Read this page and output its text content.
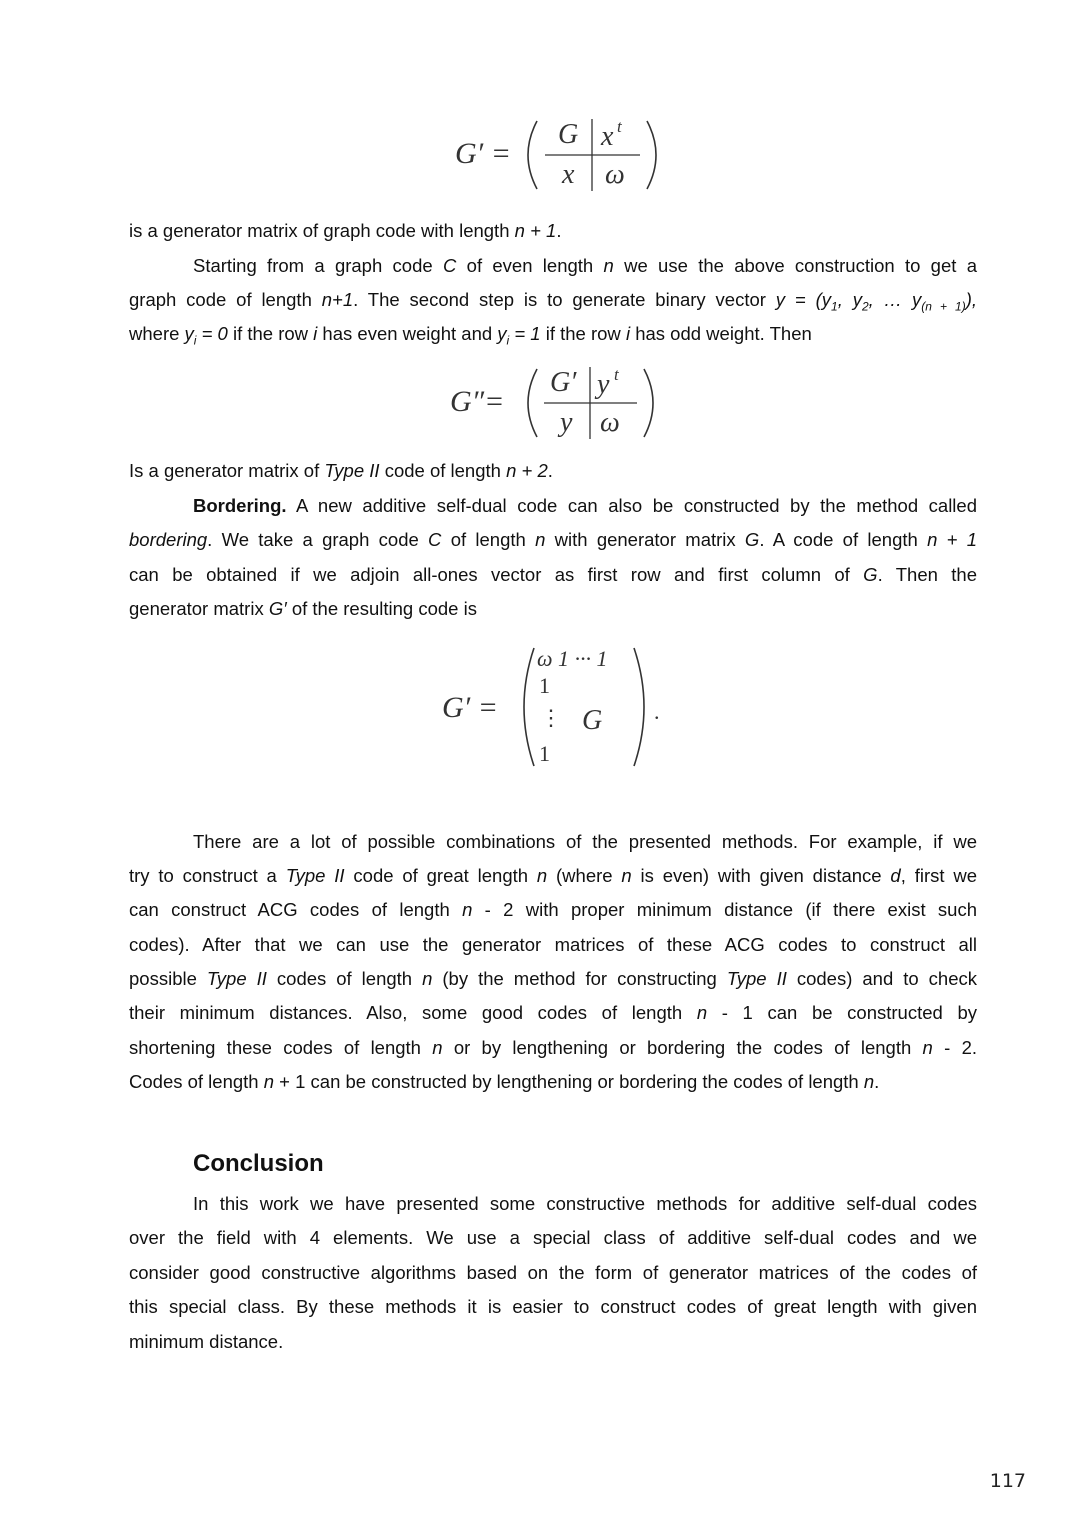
G′ =
G x t
x ω
is a generator matrix of graph code with length n + 1.
Starting from a graph code C of even length n we use the above construction to get a
graph code of length n+1. The second step is to generate binary vector $y = (y_1$, $y_2$, … $y_{(n + 1)}$),
where $y_i = 0$ if the row i has even weight and $y_i = 1$ if the row i has odd weight. Then
G″=
G′ y t
y ω
Is a generator matrix of Type II code of length n + 2.
Bordering. A new additive self-dual code can also be constructed by the method called
bordering. We take a graph code C of length n with generator matrix G. A code of length n + 1
can be obtained if we adjoin all-ones vector as first row and first column of G. Then the
generator matrix G′ of the resulting code is
G′ =
ω 1 ··· 1
1
⋮ G
1
.
There are a lot of possible combinations of the presented methods. For example, if we
try to construct a Type II code of great length n (where n is even) with given distance d, first we
can construct ACG codes of length n - 2 with proper minimum distance (if there exist such
codes). After that we can use the generator matrices of these ACG codes to construct all
possible Type II codes of length n (by the method for constructing Type II codes) and to check
their minimum distances. Also, some good codes of length n - 1 can be constructed by
shortening these codes of length n or by lengthening or bordering the codes of length n - 2.
Codes of length n + 1 can be constructed by lengthening or bordering the codes of length n.
Conclusion
In this work we have presented some constructive methods for additive self-dual codes
over the field with 4 elements. We use a special class of additive self-dual codes and we
consider good constructive algorithms based on the form of generator matrices of the codes of
this special class. By these methods it is easier to construct codes of great length with given
minimum distance.
117
